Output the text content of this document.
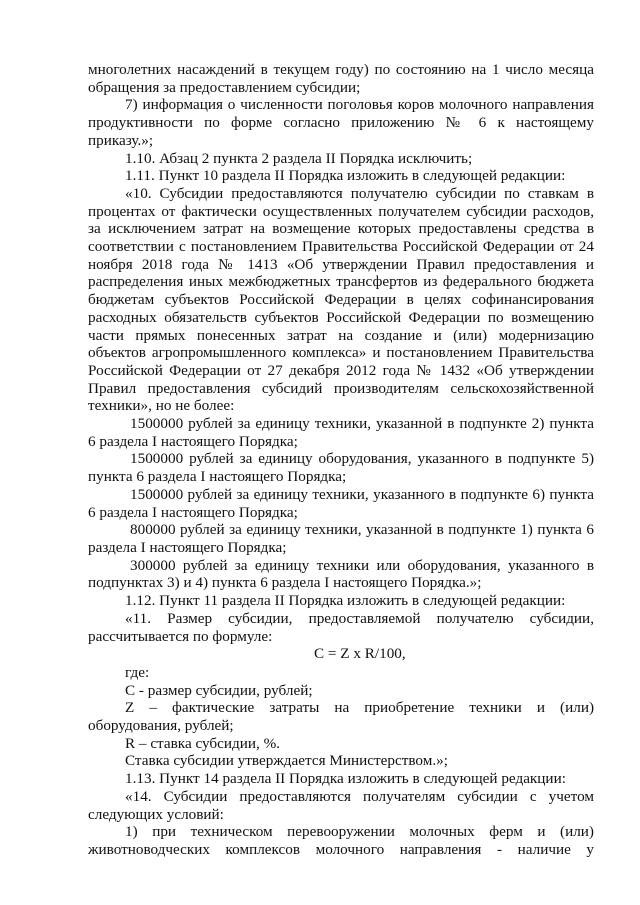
многолетних насаждений в текущем году) по состоянию на 1 число месяца обращения за предоставлением субсидии;

7) информация о численности поголовья коров молочного направления продуктивности по форме согласно приложению № 6 к настоящему приказу.»;

1.10. Абзац 2 пункта 2 раздела II Порядка исключить;

1.11. Пункт 10 раздела II Порядка изложить в следующей редакции:

«10. Субсидии предоставляются получателю субсидии по ставкам в процентах от фактически осуществленных получателем субсидии расходов, за исключением затрат на возмещение которых предоставлены средства в соответствии с постановлением Правительства Российской Федерации от 24 ноября 2018 года № 1413 «Об утверждении Правил предоставления и распределения иных межбюджетных трансфертов из федерального бюджета бюджетам субъектов Российской Федерации в целях софинансирования расходных обязательств субъектов Российской Федерации по возмещению части прямых понесенных затрат на создание и (или) модернизацию объектов агропромышленного комплекса» и постановлением Правительства Российской Федерации от 27 декабря 2012 года № 1432 «Об утверждении Правил предоставления субсидий производителям сельскохозяйственной техники», но не более:

1500000 рублей за единицу техники, указанной в подпункте 2) пункта 6 раздела I настоящего Порядка;

1500000 рублей за единицу оборудования, указанного в подпункте 5) пункта 6 раздела I настоящего Порядка;

1500000 рублей за единицу техники, указанного в подпункте 6) пункта 6 раздела I настоящего Порядка;

800000 рублей за единицу техники, указанной в подпункте 1) пункта 6 раздела I настоящего Порядка;

300000 рублей за единицу техники или оборудования, указанного в подпунктах 3) и 4) пункта 6 раздела I настоящего Порядка.»;

1.12. Пункт 11 раздела II Порядка изложить в следующей редакции:

«11. Размер субсидии, предоставляемой получателю субсидии, рассчитывается по формуле:

C = Z x R/100,

где:

C - размер субсидии, рублей;

Z – фактические затраты на приобретение техники и (или) оборудования, рублей;

R – ставка субсидии, %.

Ставка субсидии утверждается Министерством.»;

1.13. Пункт 14 раздела II Порядка изложить в следующей редакции:

«14. Субсидии предоставляются получателям субсидии с учетом следующих условий:

1) при техническом перевооружении молочных ферм и (или) животноводческих комплексов молочного направления - наличие у
